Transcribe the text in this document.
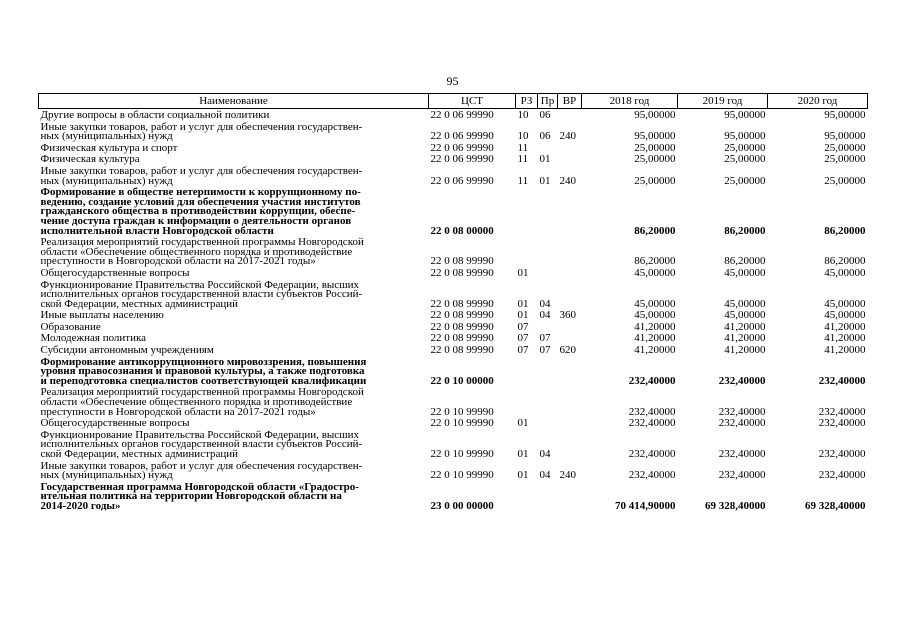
95
Наименование	ЦСТ	РЗ	Пр	ВР	2018 год	2019 год	2020 год

Другие вопросы в области социальной политики	22 0 06 99990	10	06		95,00000	95,00000	95,00000

Иные закупки товаров, работ и услуг для обеспечения государствен-
ных (муниципальных) нужд	22 0 06 99990	10	06	240	95,00000	95,00000	95,00000

Физическая культура и спорт	22 0 06 99990	11			25,00000	25,00000	25,00000

Физическая культура	22 0 06 99990	11	01		25,00000	25,00000	25,00000

Иные закупки товаров, работ и услуг для обеспечения государствен-
ных (муниципальных) нужд	22 0 06 99990	11	01	240	25,00000	25,00000	25,00000

Формирование в обществе нетерпимости к коррупционному по-
ведению, создание условий для обеспечения участия институтов
гражданского общества в противодействии коррупции, обеспе-
чение доступа граждан к информации о деятельности органов
исполнительной власти Новгородской области	22 0 08 00000				86,20000	86,20000	86,20000

Реализация мероприятий государственной программы Новгородской
области «Обеспечение общественного порядка и противодействие
преступности в Новгородской области на 2017-2021 годы»	22 0 08 99990				86,20000	86,20000	86,20000

Общегосударственные вопросы	22 0 08 99990	01			45,00000	45,00000	45,00000

Функционирование Правительства Российской Федерации, высших
исполнительных органов государственной власти субъектов Россий-
ской Федерации, местных администраций	22 0 08 99990	01	04		45,00000	45,00000	45,00000

Иные выплаты населению	22 0 08 99990	01	04	360	45,00000	45,00000	45,00000

Образование	22 0 08 99990	07			41,20000	41,20000	41,20000

Молодежная политика	22 0 08 99990	07	07		41,20000	41,20000	41,20000

Субсидии автономным учреждениям	22 0 08 99990	07	07	620	41,20000	41,20000	41,20000

Формирование антикоррупционного мировоззрения, повышения
уровня правосознания и правовой культуры, а также подготовка
и переподготовка специалистов соответствующей квалификации	22 0 10 00000				232,40000	232,40000	232,40000

Реализация мероприятий государственной программы Новгородской
области «Обеспечение общественного порядка и противодействие
преступности в Новгородской области на 2017-2021 годы»	22 0 10 99990				232,40000	232,40000	232,40000

Общегосударственные вопросы	22 0 10 99990	01			232,40000	232,40000	232,40000

Функционирование Правительства Российской Федерации, высших
исполнительных органов государственной власти субъектов Россий-
ской Федерации, местных администраций	22 0 10 99990	01	04		232,40000	232,40000	232,40000

Иные закупки товаров, работ и услуг для обеспечения государствен-
ных (муниципальных) нужд	22 0 10 99990	01	04	240	232,40000	232,40000	232,40000

Государственная программа Новгородской области «Градостро-
ительная политика на территории Новгородской области на
2014-2020 годы»	23 0 00 00000				70 414,90000	69 328,40000	69 328,40000
